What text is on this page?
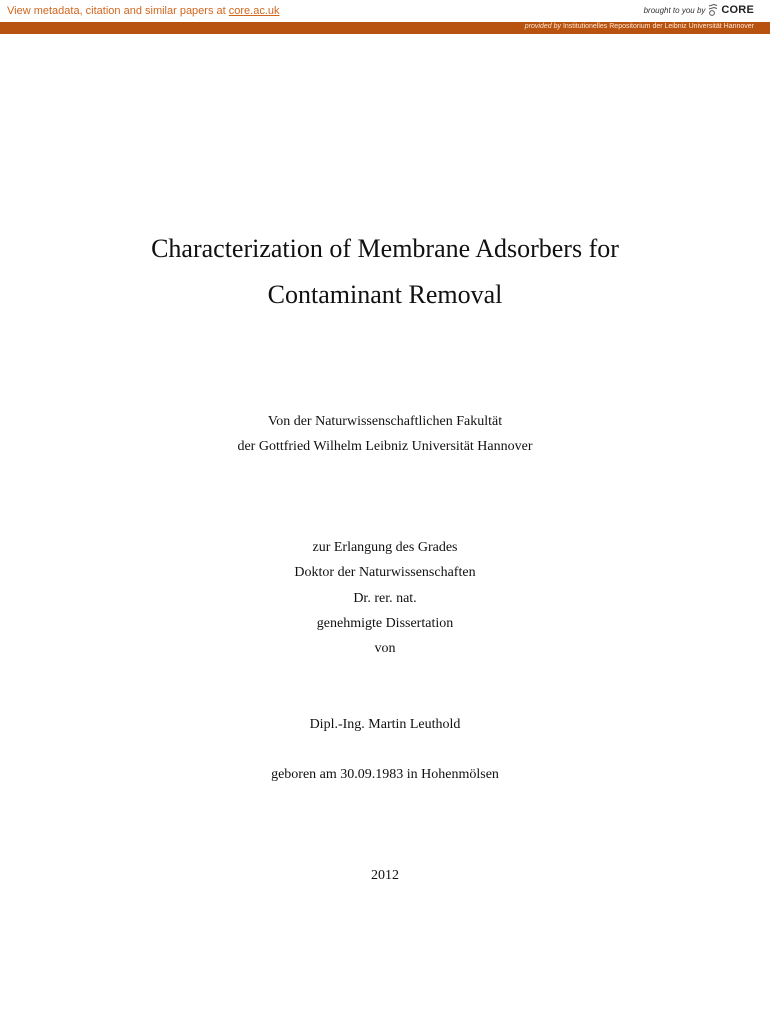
View metadata, citation and similar papers at core.ac.uk	brought to you by CORE
provided by Institutionelles Repositorium der Leibniz Universität Hannover
Characterization of Membrane Adsorbers for
Contaminant Removal
Von der Naturwissenschaftlichen Fakultät
der Gottfried Wilhelm Leibniz Universität Hannover
zur Erlangung des Grades
Doktor der Naturwissenschaften
Dr. rer. nat.
genehmigte Dissertation
von
Dipl.-Ing. Martin Leuthold
geboren am 30.09.1983 in Hohenmölsen
2012
